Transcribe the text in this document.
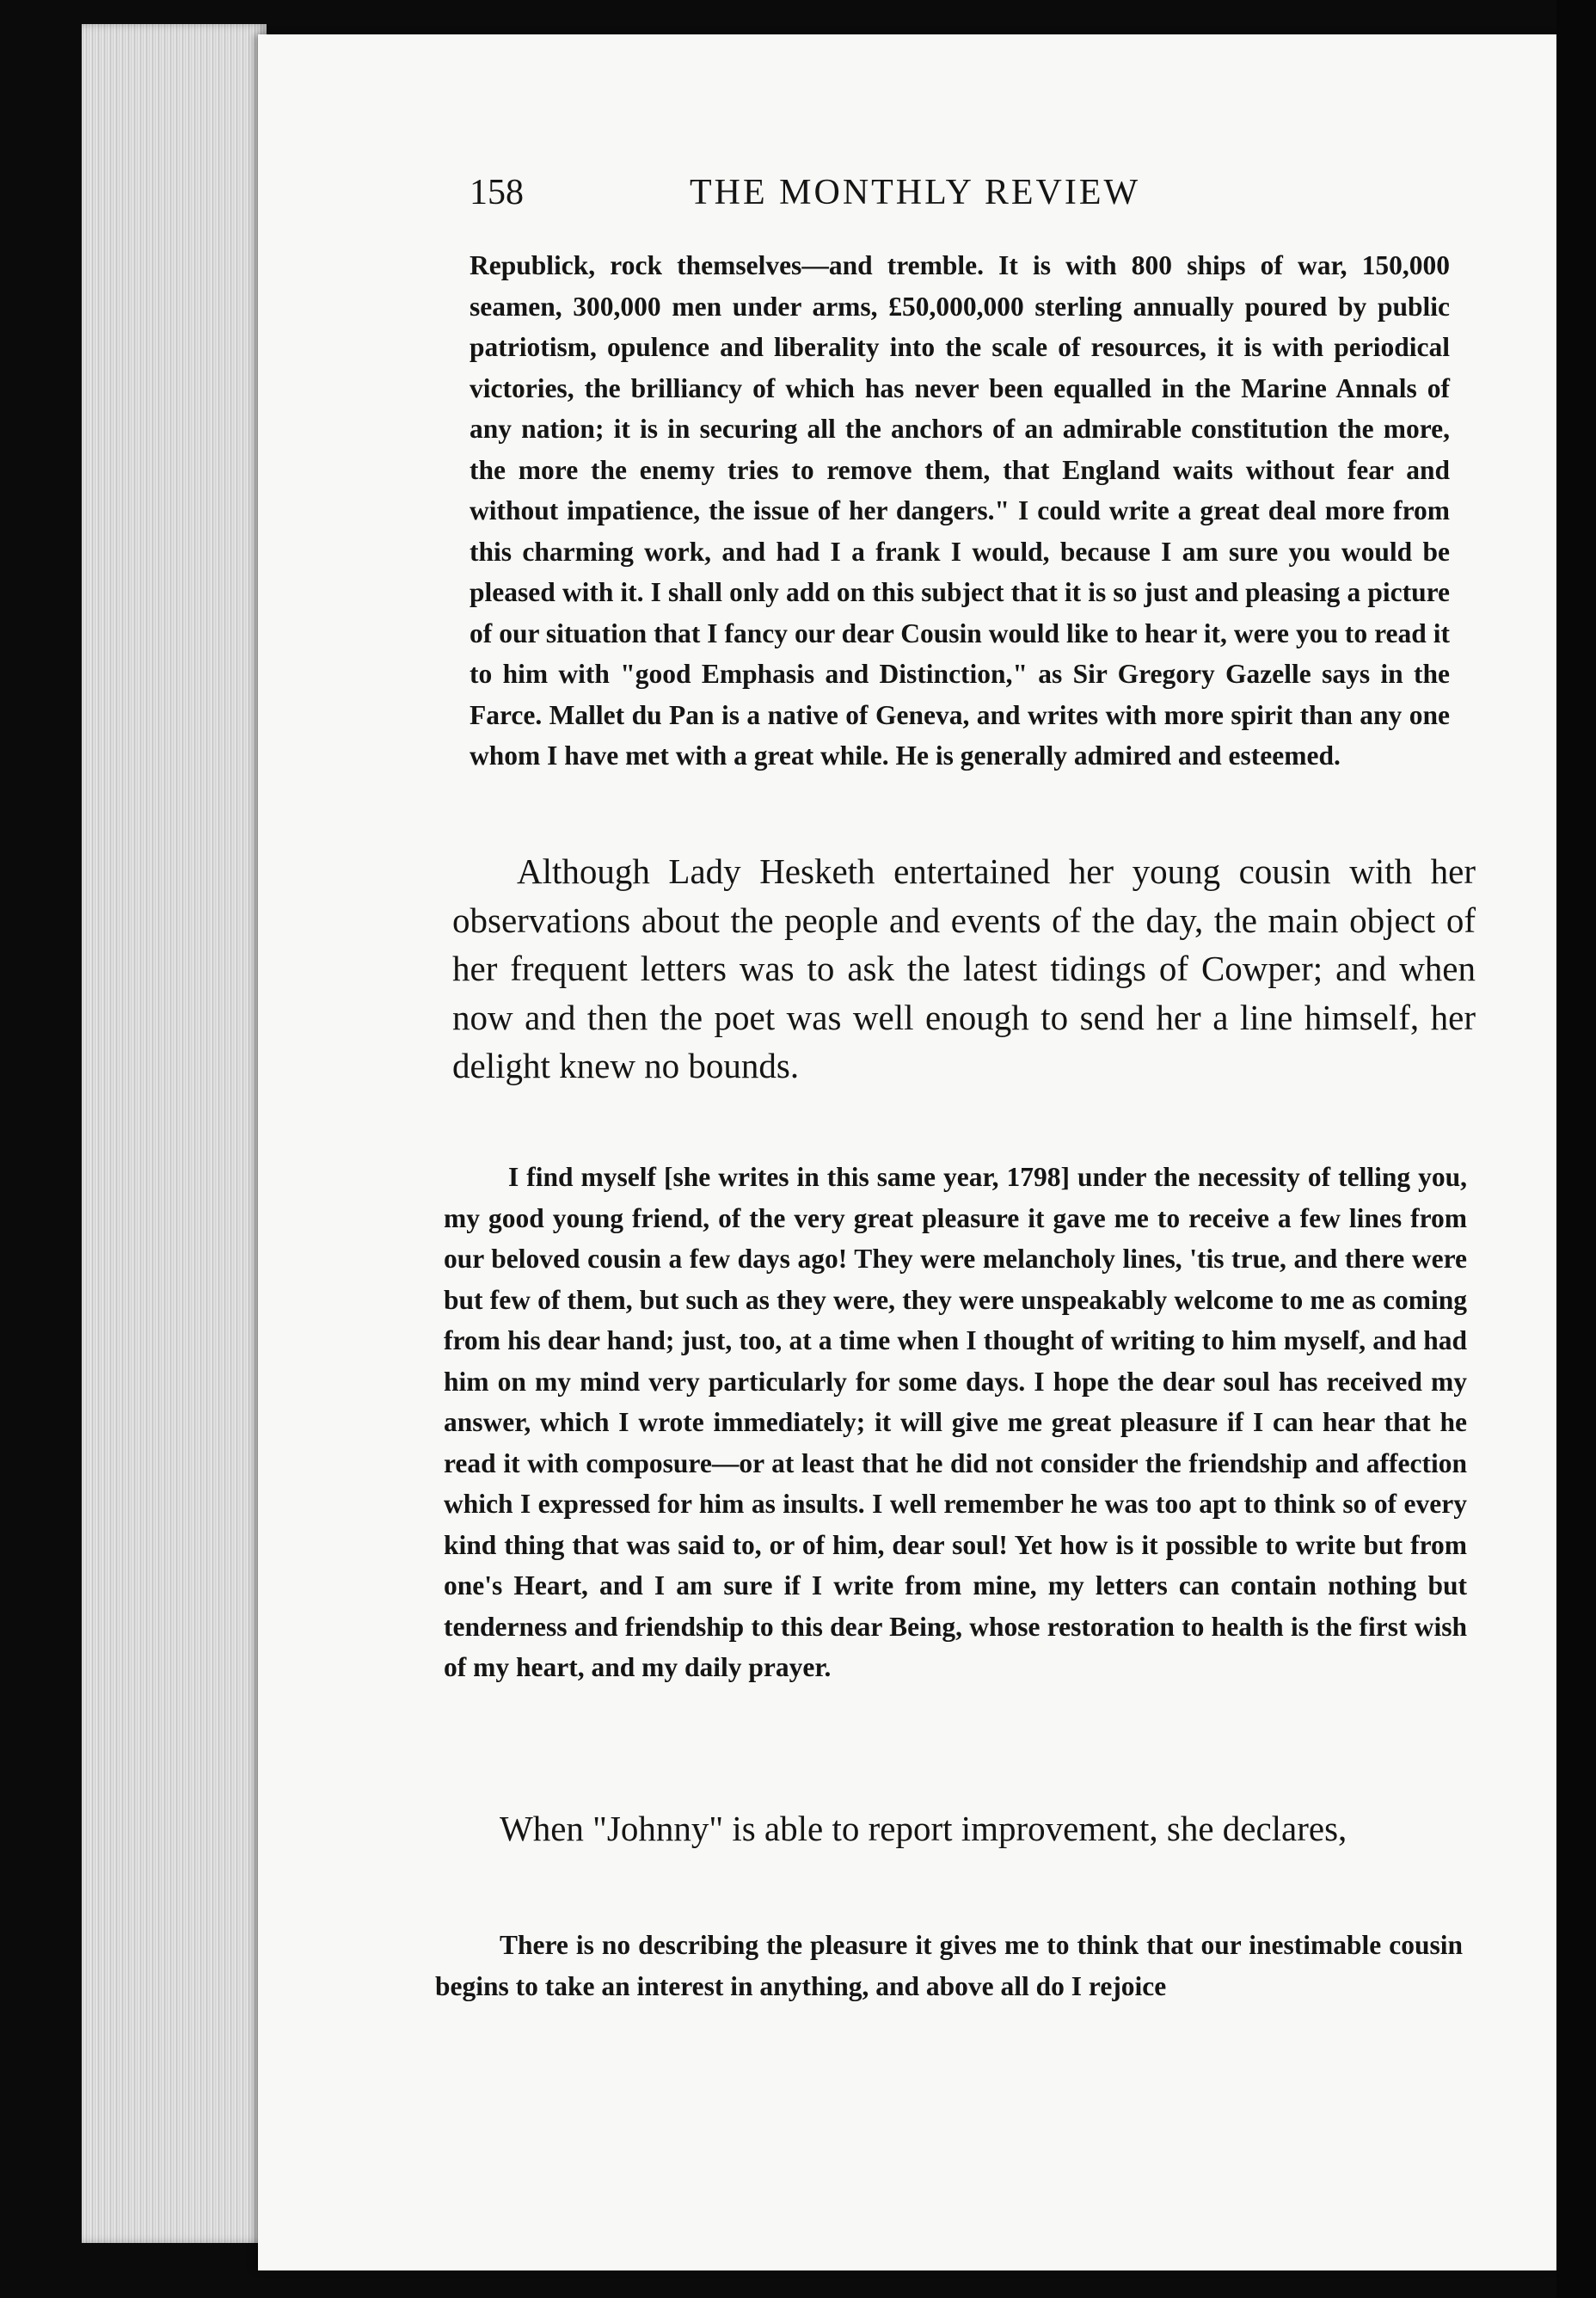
158	THE MONTHLY REVIEW

Republick, rock themselves—and tremble. It is with 800 ships of war, 150,000 seamen, 300,000 men under arms, £50,000,000 sterling annually poured by public patriotism, opulence and liberality into the scale of resources, it is with periodical victories, the brilliancy of which has never been equalled in the Marine Annals of any nation; it is in securing all the anchors of an admirable constitution the more, the more the enemy tries to remove them, that England waits without fear and without impatience, the issue of her dangers." I could write a great deal more from this charming work, and had I a frank I would, because I am sure you would be pleased with it. I shall only add on this subject that it is so just and pleasing a picture of our situation that I fancy our dear Cousin would like to hear it, were you to read it to him with "good Emphasis and Distinction," as Sir Gregory Gazelle says in the Farce. Mallet du Pan is a native of Geneva, and writes with more spirit than any one whom I have met with a great while. He is generally admired and esteemed.

Although Lady Hesketh entertained her young cousin with her observations about the people and events of the day, the main object of her frequent letters was to ask the latest tidings of Cowper; and when now and then the poet was well enough to send her a line himself, her delight knew no bounds.

I find myself [she writes in this same year, 1798] under the necessity of telling you, my good young friend, of the very great pleasure it gave me to receive a few lines from our beloved cousin a few days ago! They were melancholy lines, 'tis true, and there were but few of them, but such as they were, they were unspeakably welcome to me as coming from his dear hand; just, too, at a time when I thought of writing to him myself, and had him on my mind very particularly for some days. I hope the dear soul has received my answer, which I wrote immediately; it will give me great pleasure if I can hear that he read it with composure—or at least that he did not consider the friendship and affection which I expressed for him as insults. I well remember he was too apt to think so of every kind thing that was said to, or of him, dear soul! Yet how is it possible to write but from one's Heart, and I am sure if I write from mine, my letters can contain nothing but tenderness and friendship to this dear Being, whose restoration to health is the first wish of my heart, and my daily prayer.

When "Johnny" is able to report improvement, she declares,

There is no describing the pleasure it gives me to think that our inestimable cousin begins to take an interest in anything, and above all do I rejoice
